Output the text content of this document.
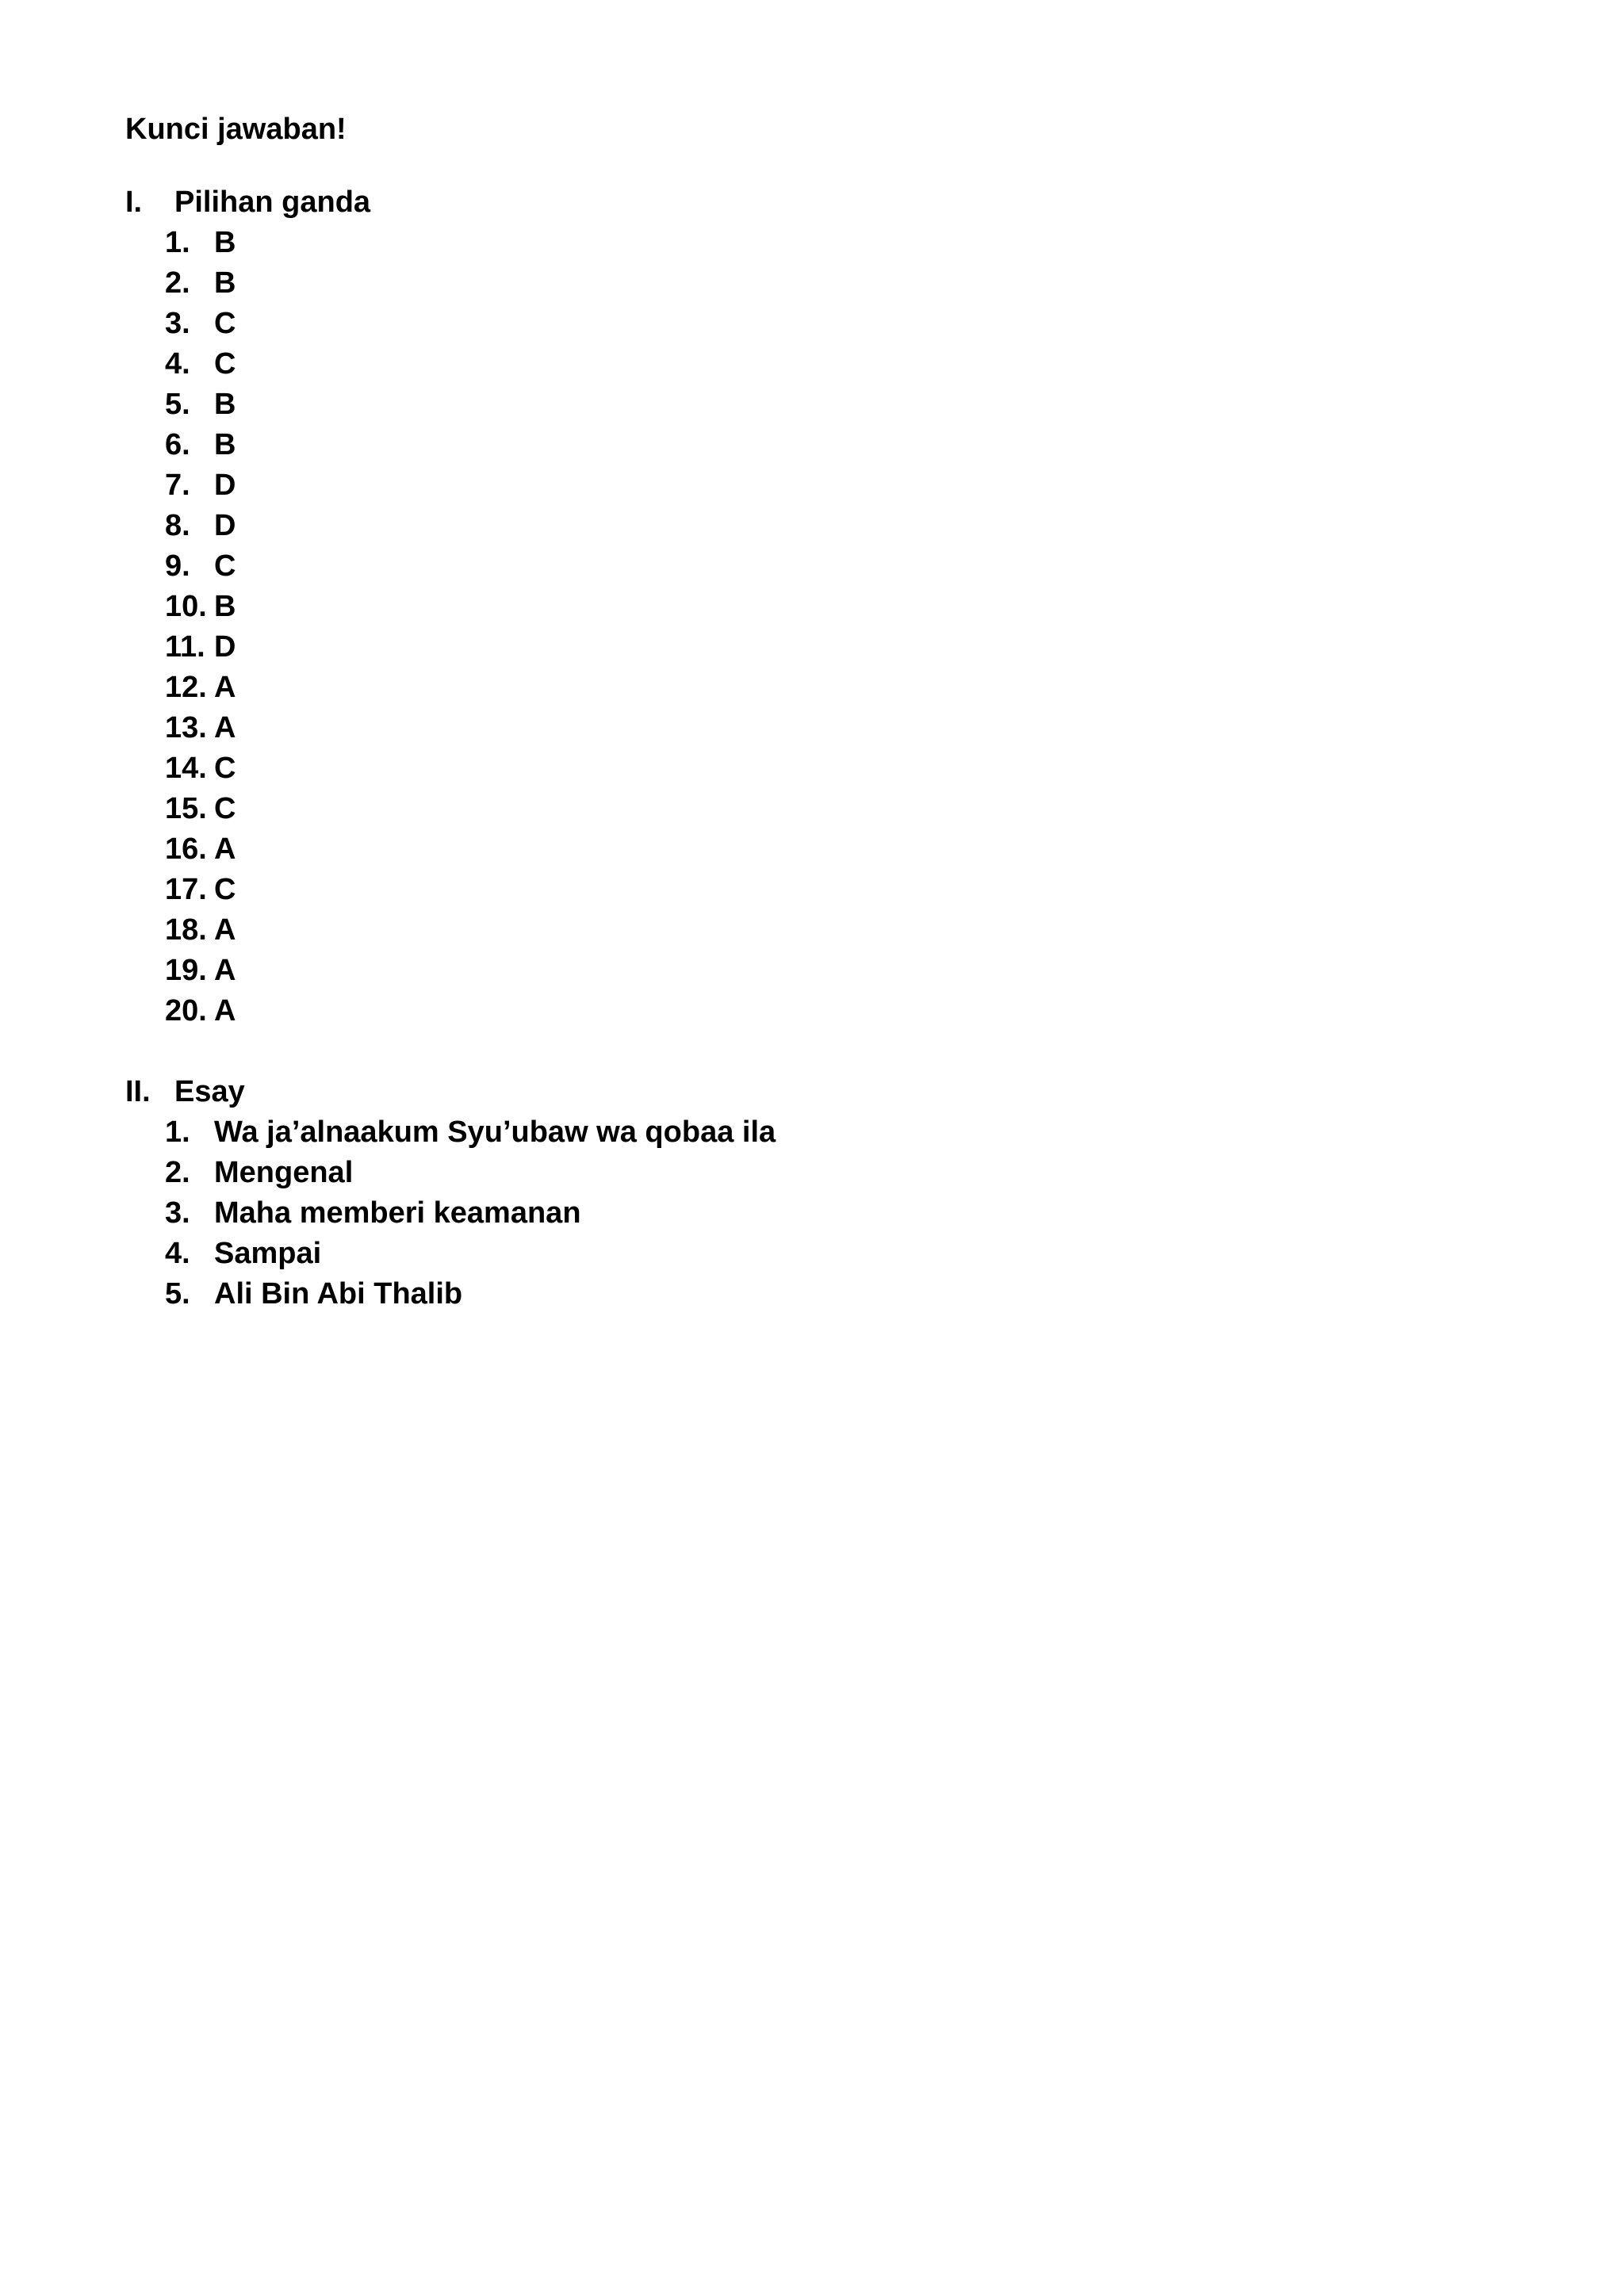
Kunci jawaban!
I. Pilihan ganda
1. B
2. B
3. C
4. C
5. B
6. B
7. D
8. D
9. C
10. B
11. D
12. A
13. A
14. C
15. C
16. A
17. C
18. A
19. A
20. A
II. Esay
1. Wa ja’alnaakum Syu’ubaw wa qobaa ila
2. Mengenal
3. Maha memberi keamanan
4. Sampai
5. Ali Bin Abi Thalib
